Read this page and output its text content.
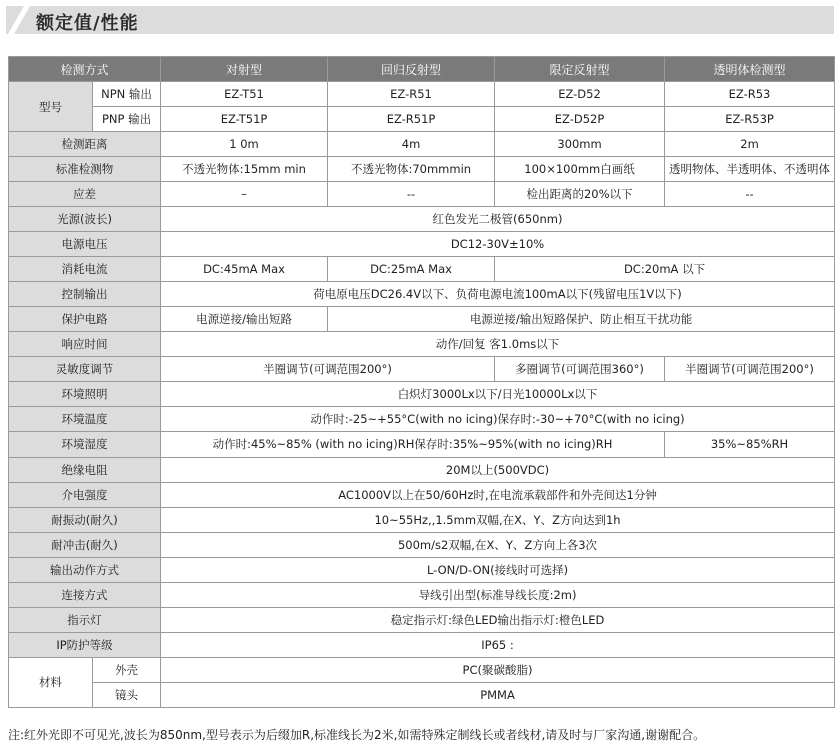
额定值/性能
检测方式		对射型	回归反射型	限定反射型	透明体检测型
型号	NPN 输出	EZ-T51	EZ-R51	EZ-D52	EZ-R53
	PNP 输出	EZ-T51P	EZ-R51P	EZ-D52P	EZ-R53P
检测距离		1 0m	4m	300mm	2m
标准检测物		不透光物体:15mm min	不透光物体:70mmmin	100×100mm白画纸	透明物体、半透明体、不透明体
应差		–	--	检出距离的20%以下	--
光源(波长)		红色发光二极管(650nm)			
电源电压		DC12-30V±10%			
消耗电流		DC:45mA Max	DC:25mA Max	DC:20mA 以下	
控制输出		荷电原电压DC26.4V以下、负荷电源电流100mA以下(残留电压1V以下)			
保护电路		电源逆接/输出短路	电源逆接/输出短路保护、防止相互干扰功能		
响应时间		动作/回复 客1.0ms以下			
灵敏度调节		半圈调节(可调范围200°)		多圈调节(可调范围360°)	半圈调节(可调范围200°)
环境照明		白炽灯3000Lx以下/日光10000Lx以下			
环境温度		动作时:-25~+55°C(with no icing)保存时:-30~+70°C(with no icing)			
环境湿度		动作时:45%~85% (with no icing)RH保存时:35%~95%(with no icing)RH			35%~85%RH
绝缘电阻		20M以上(500VDC)			
介电强度		AC1000V以上在50/60Hz时,在电流承载部件和外壳间达1分钟			
耐振动(耐久)		10~55Hz,,1.5mm双幅,在X、Y、Z方向达到1h			
耐冲击(耐久)		500m/s2双幅,在X、Y、Z方向上各3次			
输出动作方式		L-ON/D-ON(接线时可选择)			
连接方式		导线引出型(标准导线长度:2m)			
指示灯		稳定指示灯:绿色LED输出指示灯:橙色LED			
IP防护等级		IP65 :			
材料	外壳	PC(聚碳酸脂)			
	镜头	PMMA			
注:红外光即不可见光,波长为850nm,型号表示为后缀加R,标准线长为2米,如需特殊定制线长或者线材,请及时与厂家沟通,谢谢配合。
